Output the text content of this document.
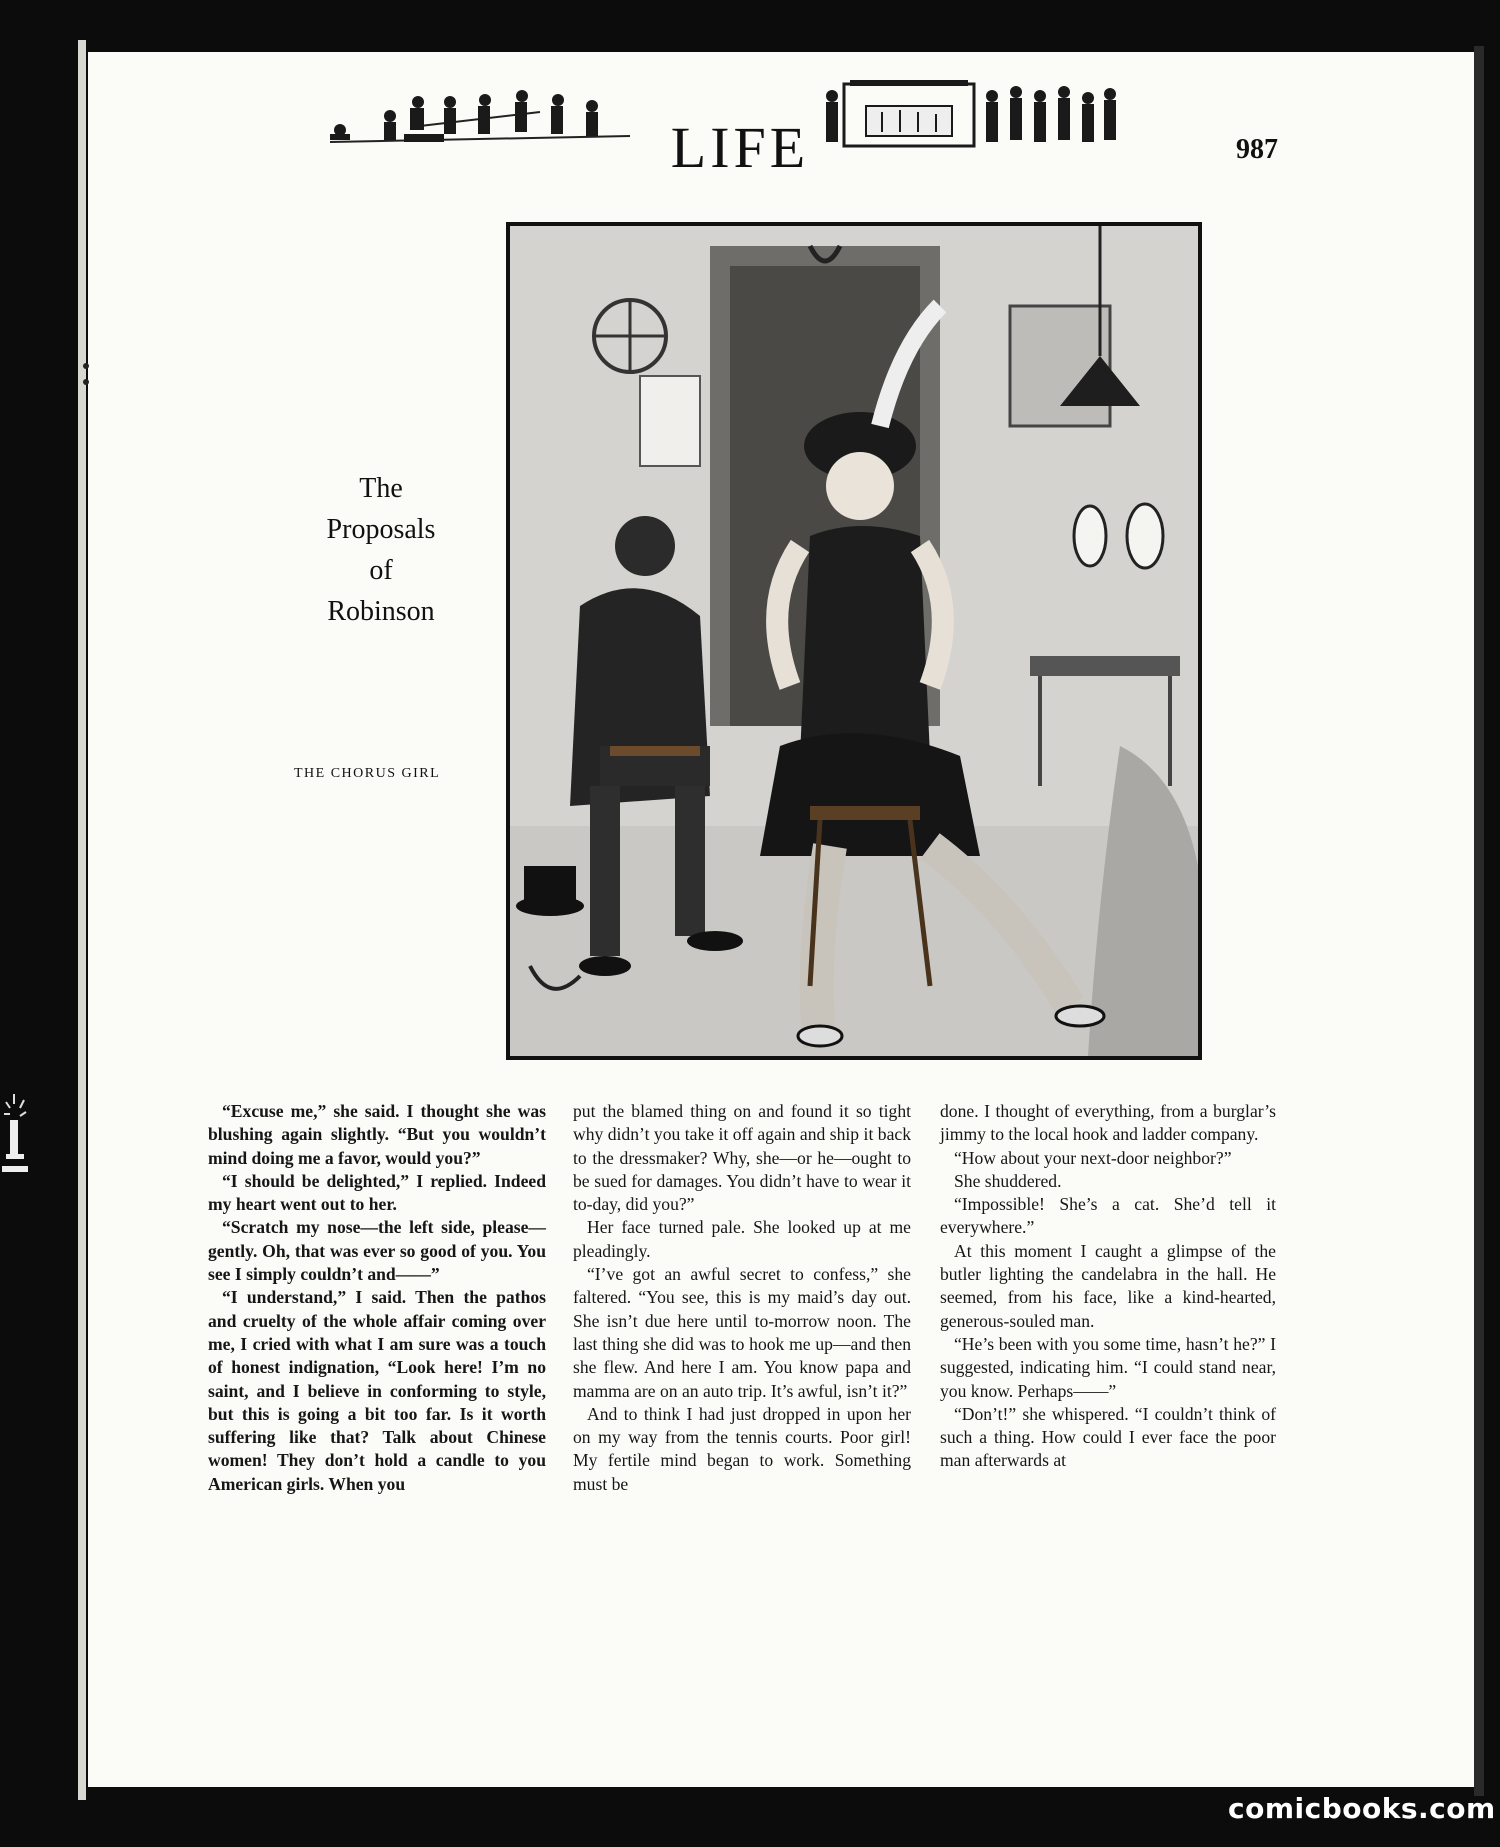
LIFE	987
The
Proposals
of
Robinson
THE CHORUS GIRL

“Excuse me,” she said. I thought she was blushing again slightly. “But you wouldn’t mind doing me a favor, would you?”

“I should be delighted,” I replied. Indeed my heart went out to her.

“Scratch my nose—the left side, please—gently. Oh, that was ever so good of you. You see I simply couldn’t and——”

“I understand,” I said. Then the pathos and cruelty of the whole affair coming over me, I cried with what I am sure was a touch of honest indignation, “Look here! I’m no saint, and I believe in conforming to style, but this is going a bit too far. Is it worth suffering like that? Talk about Chinese women! They don’t hold a candle to you American girls. When you

put the blamed thing on and found it so tight why didn’t you take it off again and ship it back to the dressmaker? Why, she—or he—ought to be sued for damages. You didn’t have to wear it to-day, did you?”

Her face turned pale. She looked up at me pleadingly.

“I’ve got an awful secret to confess,” she faltered. “You see, this is my maid’s day out. She isn’t due here until to-morrow noon. The last thing she did was to hook me up—and then she flew. And here I am. You know papa and mamma are on an auto trip. It’s awful, isn’t it?”

And to think I had just dropped in upon her on my way from the tennis courts. Poor girl! My fertile mind began to work. Something must be

done. I thought of everything, from a burglar’s jimmy to the local hook and ladder company.

“How about your next-door neighbor?”

She shuddered.

“Impossible! She’s a cat. She’d tell it everywhere.”

At this moment I caught a glimpse of the butler lighting the candelabra in the hall. He seemed, from his face, like a kind-hearted, generous-souled man.

“He’s been with you some time, hasn’t he?” I suggested, indicating him. “I could stand near, you know. Perhaps——”

“Don’t!” she whispered. “I couldn’t think of such a thing. How could I ever face the poor man afterwards at

comicbooks.com
